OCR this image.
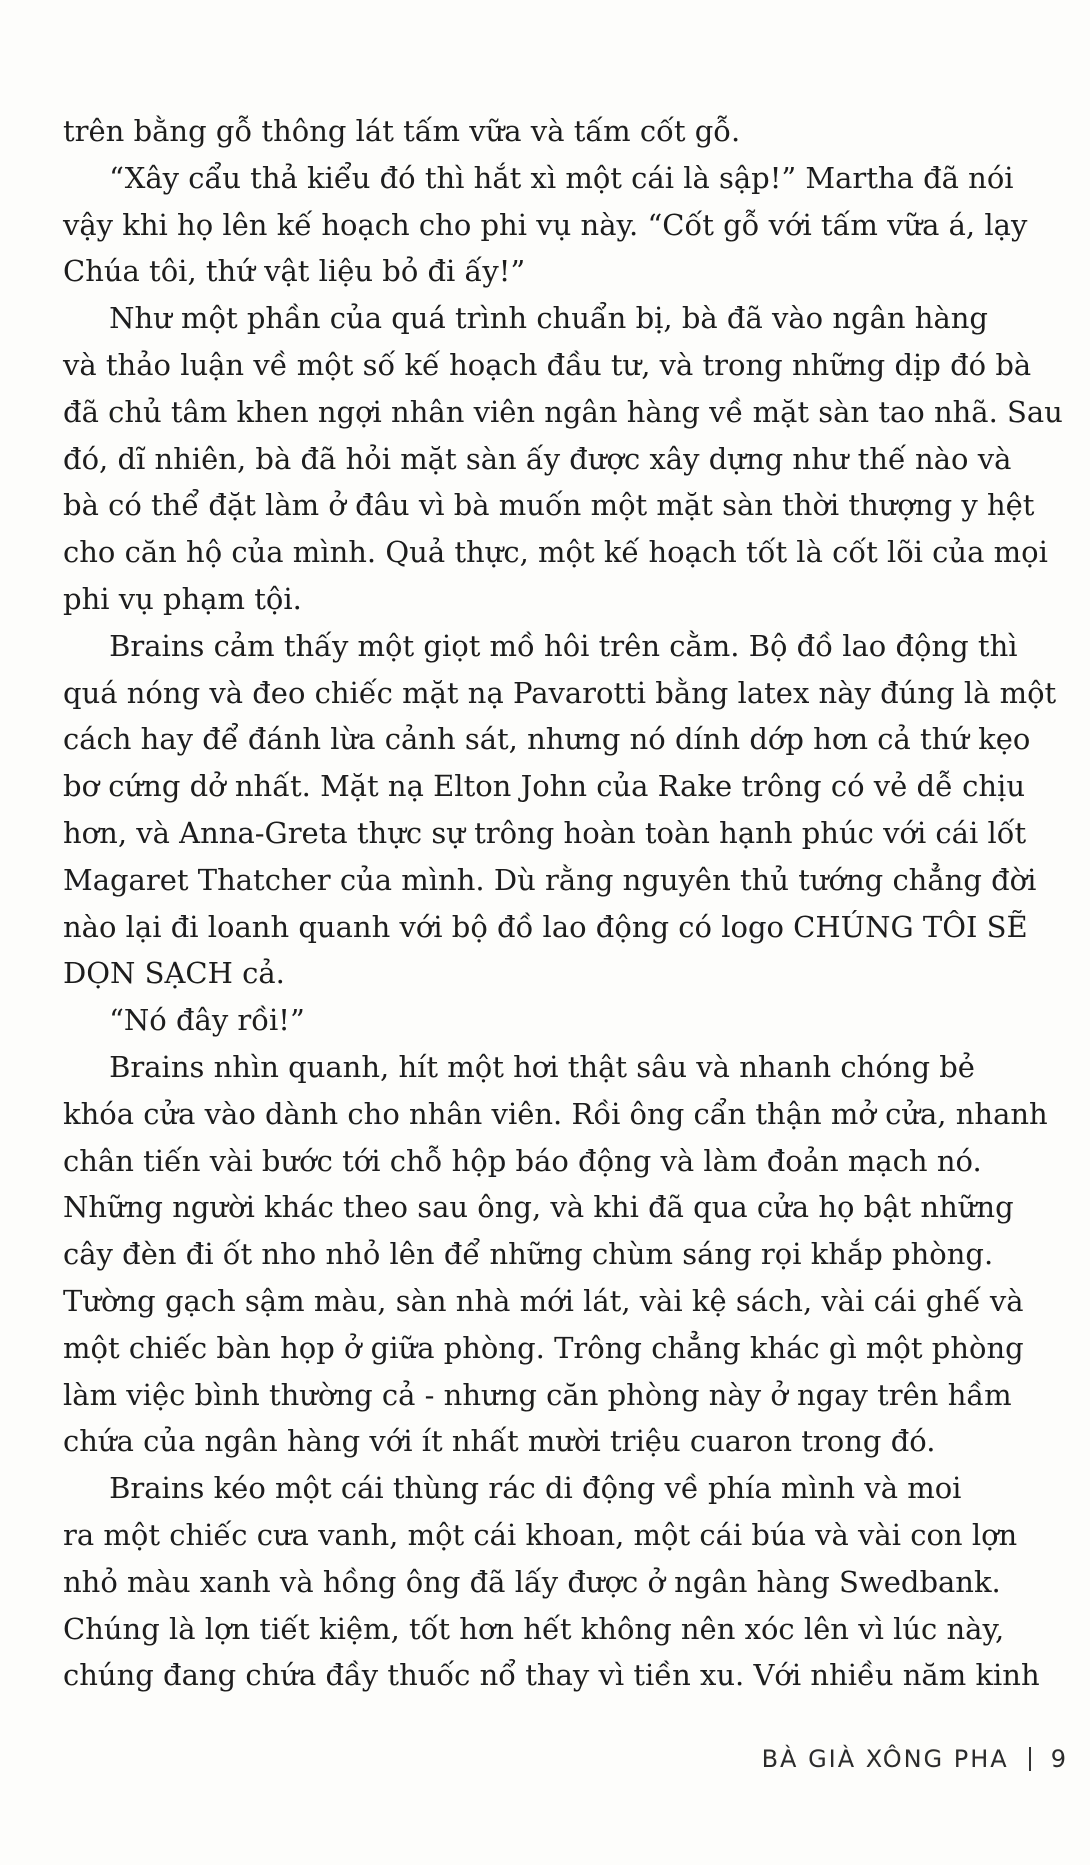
trên bằng gỗ thông lát tấm vữa và tấm cốt gỗ.
“Xây cẩu thả kiểu đó thì hắt xì một cái là sập!” Martha đã nói
vậy khi họ lên kế hoạch cho phi vụ này. “Cốt gỗ với tấm vữa á, lạy
Chúa tôi, thứ vật liệu bỏ đi ấy!”
Như một phần của quá trình chuẩn bị, bà đã vào ngân hàng
và thảo luận về một số kế hoạch đầu tư, và trong những dịp đó bà
đã chủ tâm khen ngợi nhân viên ngân hàng về mặt sàn tao nhã. Sau
đó, dĩ nhiên, bà đã hỏi mặt sàn ấy được xây dựng như thế nào và
bà có thể đặt làm ở đâu vì bà muốn một mặt sàn thời thượng y hệt
cho căn hộ của mình. Quả thực, một kế hoạch tốt là cốt lõi của mọi
phi vụ phạm tội.
Brains cảm thấy một giọt mồ hôi trên cằm. Bộ đồ lao động thì
quá nóng và đeo chiếc mặt nạ Pavarotti bằng latex này đúng là một
cách hay để đánh lừa cảnh sát, nhưng nó dính dớp hơn cả thứ kẹo
bơ cứng dở nhất. Mặt nạ Elton John của Rake trông có vẻ dễ chịu
hơn, và Anna-Greta thực sự trông hoàn toàn hạnh phúc với cái lốt
Magaret Thatcher của mình. Dù rằng nguyên thủ tướng chẳng đời
nào lại đi loanh quanh với bộ đồ lao động có logo CHÚNG TÔI SẼ
DỌN SẠCH cả.
“Nó đây rồi!”
Brains nhìn quanh, hít một hơi thật sâu và nhanh chóng bẻ
khóa cửa vào dành cho nhân viên. Rồi ông cẩn thận mở cửa, nhanh
chân tiến vài bước tới chỗ hộp báo động và làm đoản mạch nó.
Những người khác theo sau ông, và khi đã qua cửa họ bật những
cây đèn đi ốt nho nhỏ lên để những chùm sáng rọi khắp phòng.
Tường gạch sậm màu, sàn nhà mới lát, vài kệ sách, vài cái ghế và
một chiếc bàn họp ở giữa phòng. Trông chẳng khác gì một phòng
làm việc bình thường cả - nhưng căn phòng này ở ngay trên hầm
chứa của ngân hàng với ít nhất mười triệu cuaron trong đó.
Brains kéo một cái thùng rác di động về phía mình và moi
ra một chiếc cưa vanh, một cái khoan, một cái búa và vài con lợn
nhỏ màu xanh và hồng ông đã lấy được ở ngân hàng Swedbank.
Chúng là lợn tiết kiệm, tốt hơn hết không nên xóc lên vì lúc này,
chúng đang chứa đầy thuốc nổ thay vì tiền xu. Với nhiều năm kinh
BÀ GIÀ XÔNG PHA 9
